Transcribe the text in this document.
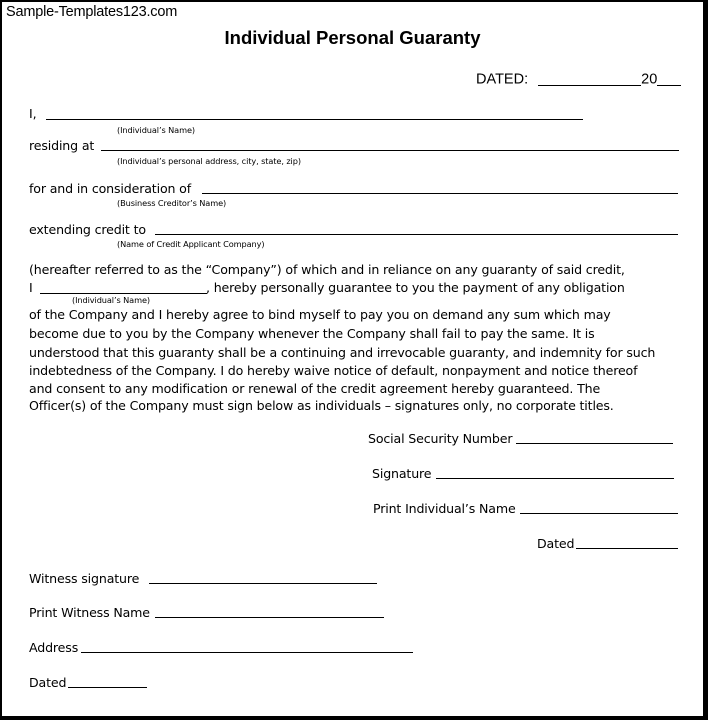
Sample-Templates123.com
Individual Personal Guaranty
DATED:	20
I,
(Individual’s Name)
residing at
(Individual’s personal address, city, state, zip)
for and in consideration of
(Business Creditor’s Name)
extending credit to
(Name of Credit Applicant Company)
(hereafter referred to as the “Company”) of which and in reliance on any guaranty of said credit,
I	, hereby personally guarantee to you the payment of any obligation
(Individual’s Name)
of the Company and I hereby agree to bind myself to pay you on demand any sum which may
become due to you by the Company whenever the Company shall fail to pay the same. It is
understood that this guaranty shall be a continuing and irrevocable guaranty, and indemnity for such
indebtedness of the Company. I do hereby waive notice of default, nonpayment and notice thereof
and consent to any modification or renewal of the credit agreement hereby guaranteed. The
Officer(s) of the Company must sign below as individuals – signatures only, no corporate titles.
Social Security Number
Signature
Print Individual’s Name
Dated
Witness signature
Print Witness Name
Address
Dated
